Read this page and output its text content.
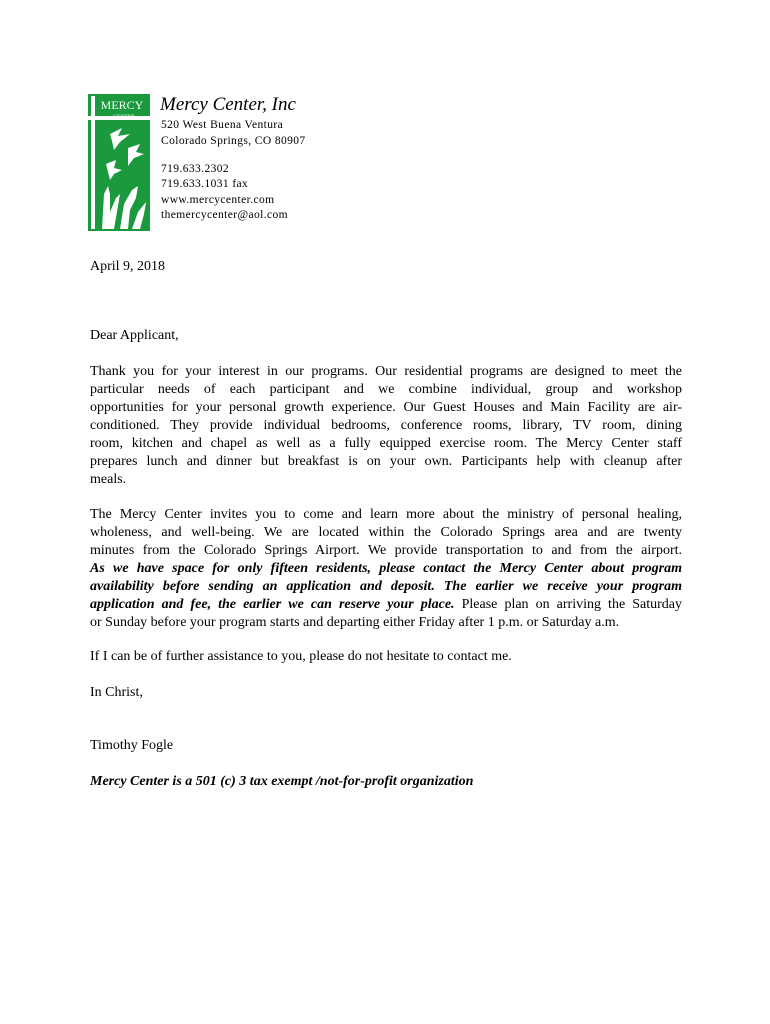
MERCY
CENTER
Mercy Center, Inc
520 West Buena Ventura
Colorado Springs, CO 80907
719.633.2302
719.633.1031 fax
www.mercycenter.com
themercycenter@aol.com
April 9, 2018
Dear Applicant,
Thank you for your interest in our programs. Our residential programs are designed to meet the
particular needs of each participant and we combine individual, group and workshop
opportunities for your personal growth experience. Our Guest Houses and Main Facility are air-
conditioned. They provide individual bedrooms, conference rooms, library, TV room, dining
room, kitchen and chapel as well as a fully equipped exercise room. The Mercy Center staff
prepares lunch and dinner but breakfast is on your own. Participants help with cleanup after
meals.
The Mercy Center invites you to come and learn more about the ministry of personal healing,
wholeness, and well-being. We are located within the Colorado Springs area and are twenty
minutes from the Colorado Springs Airport. We provide transportation to and from the airport.
As we have space for only fifteen residents, please contact the Mercy Center about program
availability before sending an application and deposit. The earlier we receive your program
application and fee, the earlier we can reserve your place. Please plan on arriving the Saturday
or Sunday before your program starts and departing either Friday after 1 p.m. or Saturday a.m.
If I can be of further assistance to you, please do not hesitate to contact me.
In Christ,
Timothy Fogle
Mercy Center is a 501 (c) 3 tax exempt /not-for-profit organization
